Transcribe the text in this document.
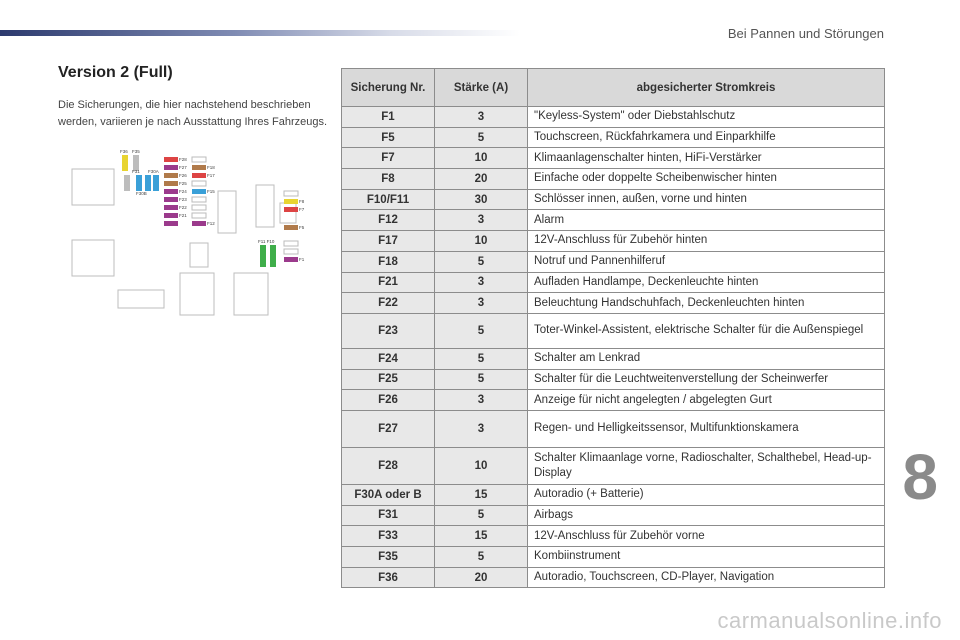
Bei Pannen und Störungen
Version 2 (Full)

Die Sicherungen, die hier nachstehend beschrieben werden, variieren je nach Ausstattung Ihres Fahrzeugs.

F36 F35
F31 F30A
F30B
F28
F27
F26
F25
F24
F23
F22
F21
F18
F17
F15
F12
F11 F10
F8
F7
F5
F1
Sicherung Nr.	Stärke (A)	abgesicherter Stromkreis
F1	3	"Keyless-System" oder Diebstahlschutz
F5	5	Touchscreen, Rückfahrkamera und Einparkhilfe
F7	10	Klimaanlagenschalter hinten, HiFi-Verstärker
F8	20	Einfache oder doppelte Scheibenwischer hinten
F10/F11	30	Schlösser innen, außen, vorne und hinten
F12	3	Alarm
F17	10	12V-Anschluss für Zubehör hinten
F18	5	Notruf und Pannenhilferuf
F21	3	Aufladen Handlampe, Deckenleuchte hinten
F22	3	Beleuchtung Handschuhfach, Deckenleuchten hinten
F23	5	Toter-Winkel-Assistent, elektrische Schalter für die Außenspiegel
F24	5	Schalter am Lenkrad
F25	5	Schalter für die Leuchtweitenverstellung der Scheinwerfer
F26	3	Anzeige für nicht angelegten / abgelegten Gurt
F27	3	Regen- und Helligkeitssensor, Multifunktionskamera
F28	10	Schalter Klimaanlage vorne, Radioschalter, Schalthebel, Head-up-Display
F30A oder B	15	Autoradio (+ Batterie)
F31	5	Airbags
F33	15	12V-Anschluss für Zubehör vorne
F35	5	Kombiinstrument
F36	20	Autoradio, Touchscreen, CD-Player, Navigation
8
carmanualsonline.info
